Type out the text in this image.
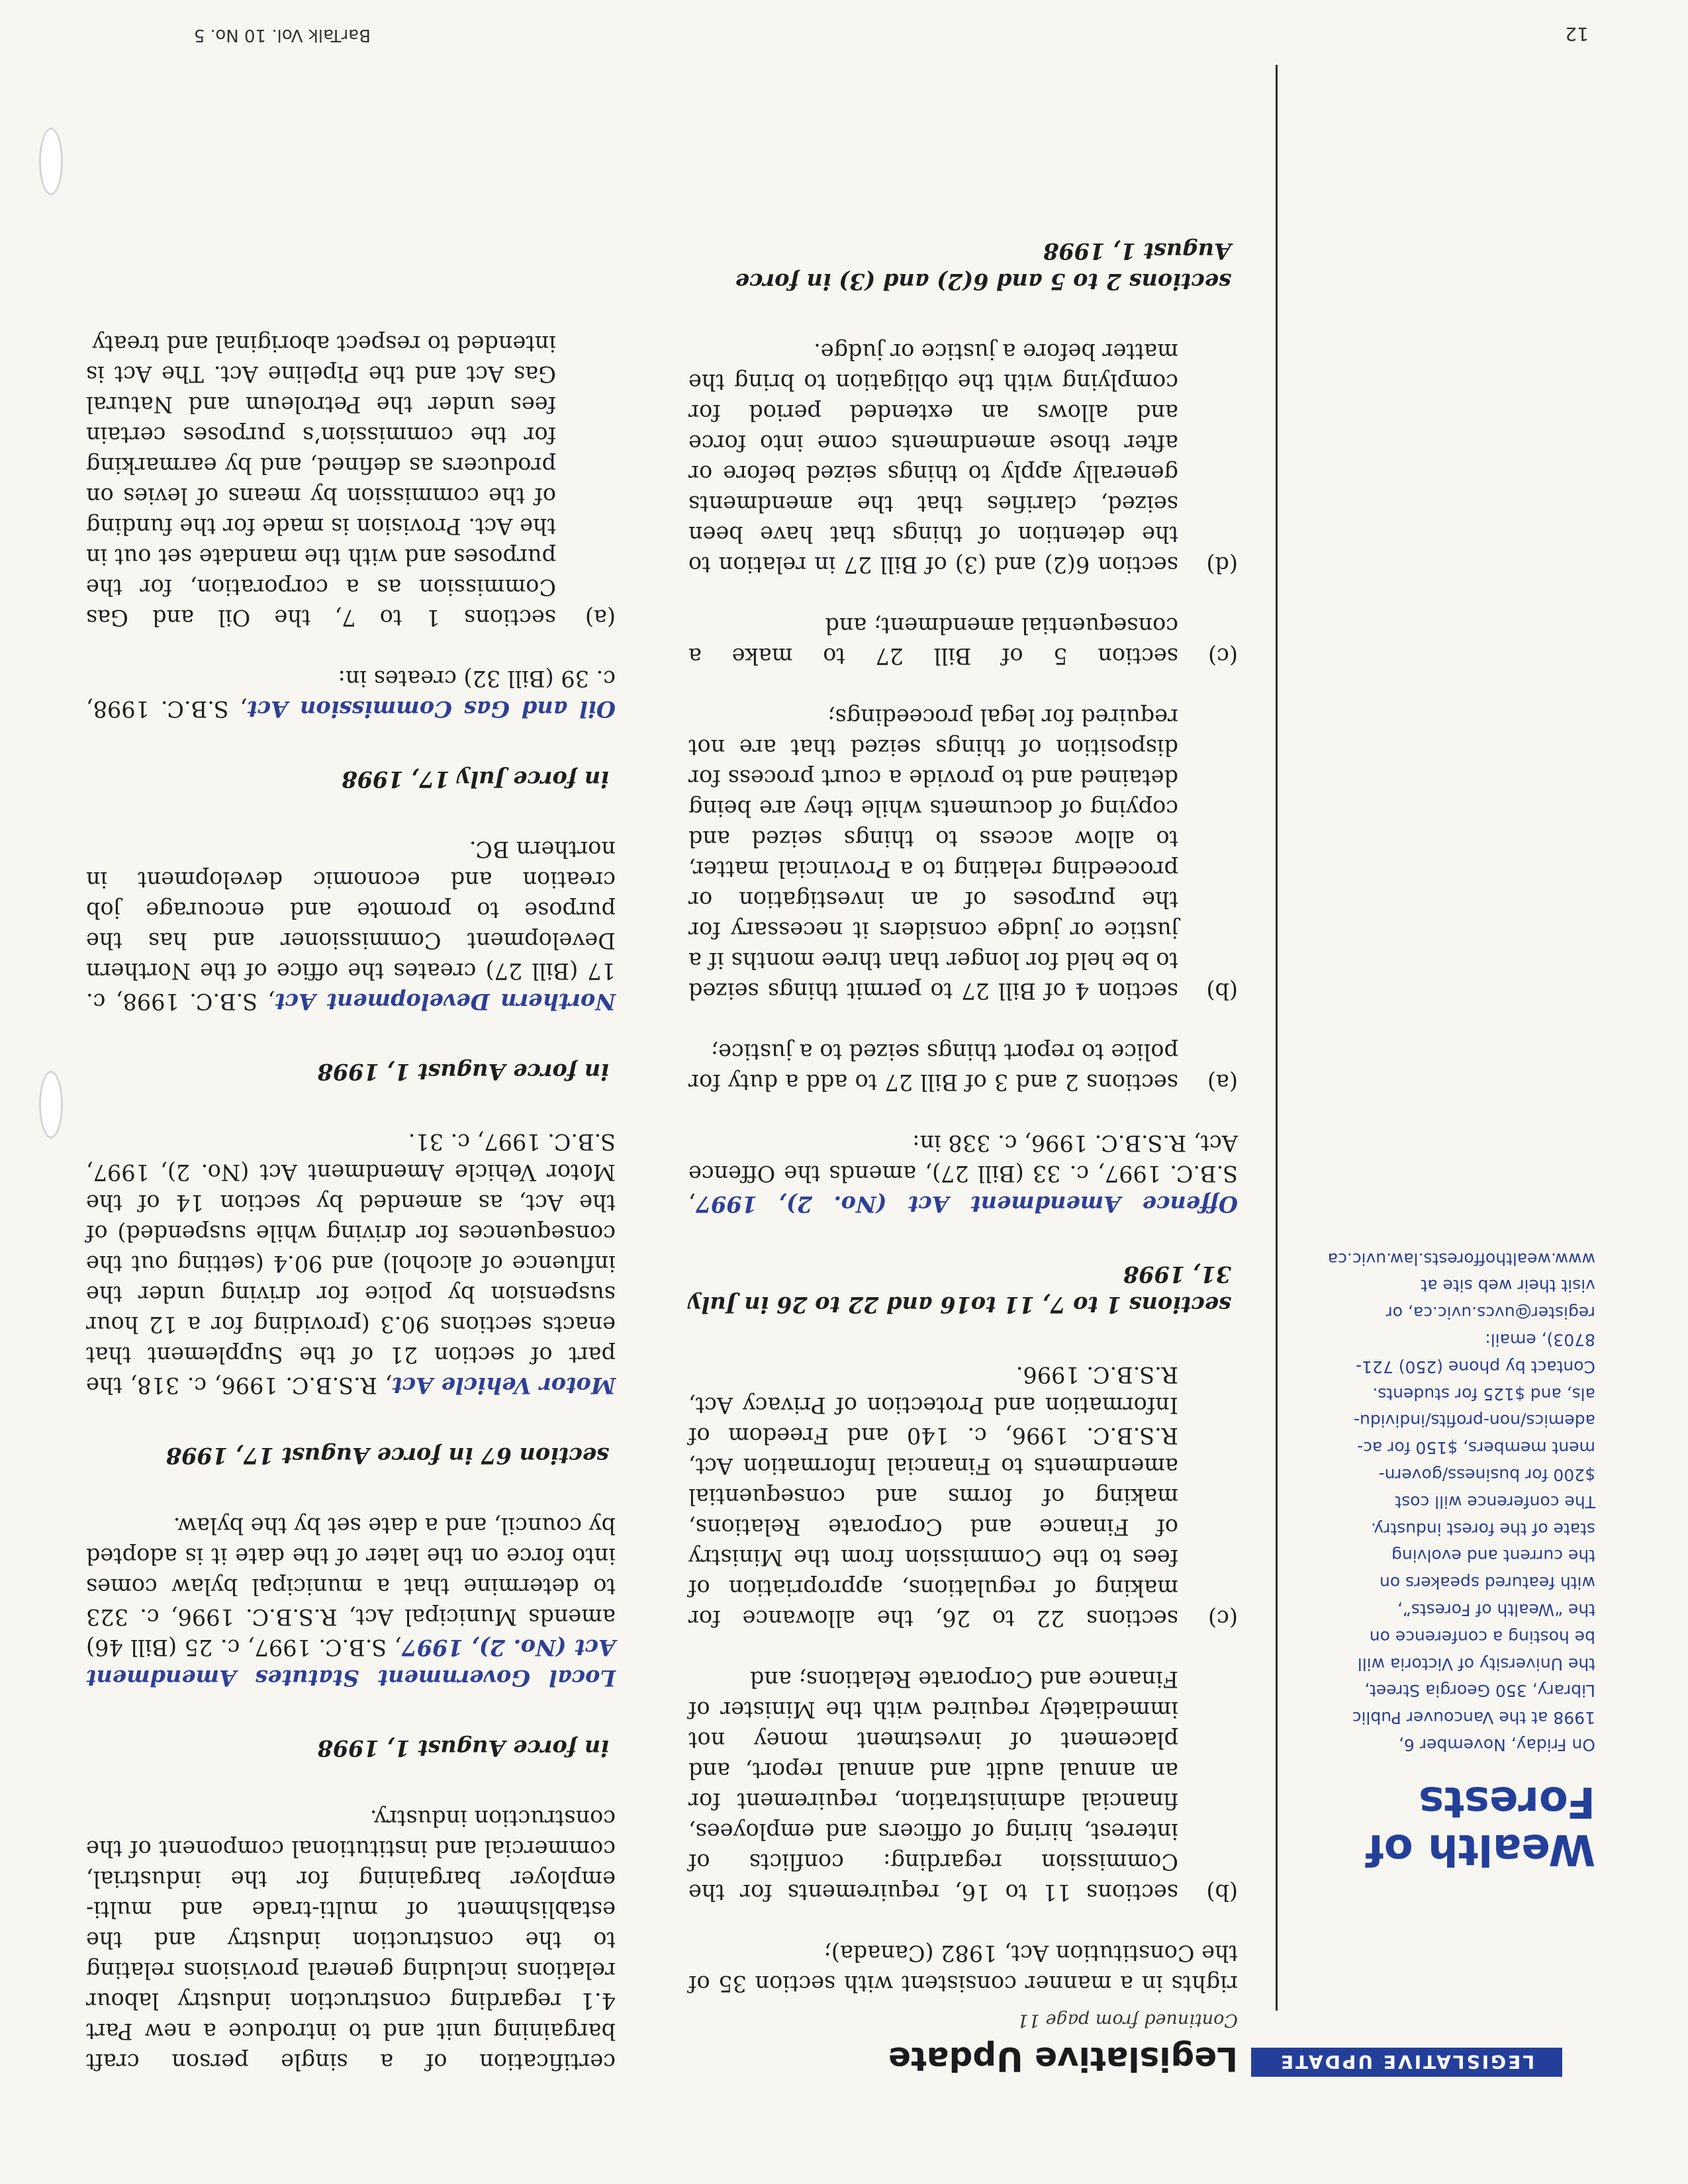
LEGISLATIVE UPDATE
Legislative Update
Continued from page 11
Wealth of
Forests

On Friday, November 6,
1998 at the Vancouver Public
Library, 350 Georgia Street,
the University of Victoria will
be hosting a conference on
the “Wealth of Forests”,
with featured speakers on
the current and evolving
state of the forest industry.
The conference will cost
$200 for business/govern-
ment members, $150 for ac-
ademics/non-profits/individu-
als, and $125 for students.
Contact by phone (250) 721-
8703), email:
register@uvcs.uvic.ca, or
visit their web site at
www.wealthofforests.law.uvic.ca

rights in a manner consistent with section 35 of the Constitution Act, 1982 (Canada);

(b)

sections 11 to 16, requirements for the Commission regarding: conflicts of interest, hiring of officers and employees, financial administration, requirement for an annual audit and annual report, and placement of investment money not immediately required with the Minister of Finance and Corporate Relations; and

(c)

sections 22 to 26, the allowance for making of regulations, appropriation of fees to the Commission from the Ministry of Finance and Corporate Relations, making of forms and consequential amendments to Financial Information Act, R.S.B.C. 1996, c. 140 and Freedom of Information and Protection of Privacy Act, R.S.B.C. 1996.

sections 1 to 7, 11 to16 and 22 to 26 in July 31, 1998

Offence Amendment Act (No. 2), 1997, S.B.C. 1997, c. 33 (Bill 27), amends the Offence Act, R.S.B.C. 1996, c. 338 in:

(a)

sections 2 and 3 of Bill 27 to add a duty for police to report things seized to a justice;

(b)

section 4 of Bill 27 to permit things seized to be held for longer than three months if a justice or judge considers it necessary for the purposes of an investigation or proceeding relating to a Provincial matter, to allow access to things seized and copying of documents while they are being detained and to provide a court process for disposition of things seized that are not required for legal proceedings;

(c)

section 5 of Bill 27 to make a consequential amendment; and

(d)

section 6(2) and (3) of Bill 27 in relation to the detention of things that have been seized, clarifies that the amendments generally apply to things seized before or after those amendments come into force and allows an extended period for complying with the obligation to bring the matter before a justice or judge.

sections 2 to 5 and 6(2) and (3) in force August 1, 1998

certification of a single person craft bargaining unit and to introduce a new Part 4.1 regarding construction industry labour relations including general provisions relating to the construction industry and the establishment of multi-trade and multi-employer bargaining for the industrial, commercial and institutional component of the construction industry.

in force August 1, 1998

Local Government Statutes Amendment Act (No. 2), 1997, S.B.C. 1997, c. 25 (Bill 46) amends Municipal Act, R.S.B.C. 1996, c. 323 to determine that a municipal bylaw comes into force on the later of the date it is adopted by council, and a date set by the bylaw.

section 67 in force August 17, 1998

Motor Vehicle Act, R.S.B.C. 1996, c. 318, the part of section 21 of the Supplement that enacts sections 90.3 (providing for a 12 hour suspension by police for driving under the influence of alcohol) and 90.4 (setting out the consequences for driving while suspended) of the Act, as amended by section 14 of the Motor Vehicle Amendment Act (No. 2), 1997, S.B.C. 1997, c. 31.

in force August 1, 1998

Northern Development Act, S.B.C. 1998, c. 17 (Bill 27) creates the office of the Northern Development Commissioner and has the purpose to promote and encourage job creation and economic development in northern BC.

in force July 17, 1998

Oil and Gas Commission Act, S.B.C. 1998, c. 39 (Bill 32) creates in:

(a)

sections 1 to 7, the Oil and Gas Commission as a corporation, for the purposes and with the mandate set out in the Act. Provision is made for the funding of the commission by means of levies on producers as defined, and by earmarking for the commission’s purposes certain fees under the Petroleum and Natural Gas Act and the Pipeline Act. The Act is intended to respect aboriginal and treaty

12
BarTalk Vol. 10 No. 5
